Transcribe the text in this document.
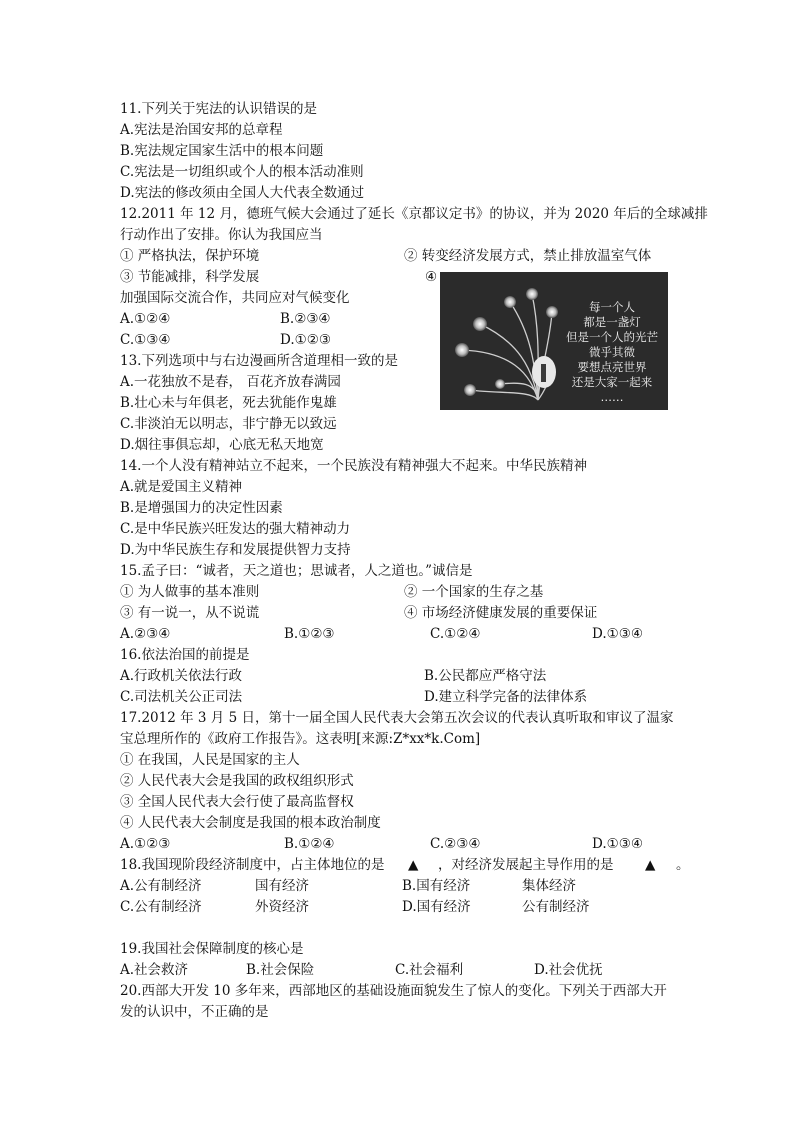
11.下列关于宪法的认识错误的是
A.宪法是治国安邦的总章程
B.宪法规定国家生活中的根本问题
C.宪法是一切组织或个人的根本活动准则
D.宪法的修改须由全国人大代表全数通过
12.2011 年 12 月，德班气候大会通过了延长《京都议定书》的协议，并为 2020 年后的全球减排
行动作出了安排。你认为我国应当
① 严格执法，保护环境	② 转变经济发展方式，禁止排放温室气体
③ 节能减排，科学发展	④
加强国际交流合作，共同应对气候变化
A.①②④	B.②③④
C.①③④	D.①②③
每一个人
都是一盏灯
但是一个人的光芒
微乎其微
要想点亮世界
还是大家一起来
……
13.下列选项中与右边漫画所含道理相一致的是
A.一花独放不是春， 百花齐放春满园
B.壮心未与年俱老，死去犹能作鬼雄
C.非淡泊无以明志，非宁静无以致远
D.烟往事俱忘却，心底无私天地宽
14.一个人没有精神站立不起来，一个民族没有精神强大不起来。中华民族精神
A.就是爱国主义精神
B.是增强国力的决定性因素
C.是中华民族兴旺发达的强大精神动力
D.为中华民族生存和发展提供智力支持
15.孟子曰：“诚者，天之道也；思诚者，人之道也。”诚信是
① 为人做事的基本准则	② 一个国家的生存之基
③ 有一说一，从不说谎	④ 市场经济健康发展的重要保证
A.②③④	B.①②③	C.①②④	D.①③④
16.依法治国的前提是
A.行政机关依法行政	B.公民都应严格守法
C.司法机关公正司法	D.建立科学完备的法律体系
17.2012 年 3 月 5 日，第十一届全国人民代表大会第五次会议的代表认真听取和审议了温家
宝总理所作的《政府工作报告》。这表明[来源:Z*xx*k.Com]
① 在我国，人民是国家的主人
② 人民代表大会是我国的政权组织形式
③ 全国人民代表大会行使了最高监督权
④ 人民代表大会制度是我国的根本政治制度
A.①②③	B.①②④	C.②③④	D.①③④
18.我国现阶段经济制度中，占主体地位的是 ▲ ，对经济发展起主导作用的是 ▲ 。
A.公有制经济	国有经济	B.国有经济	集体经济
C.公有制经济	外资经济	D.国有经济	公有制经济
19.我国社会保障制度的核心是
A.社会救济	B.社会保险	C.社会福利	D.社会优抚
20.西部大开发 10 多年来，西部地区的基础设施面貌发生了惊人的变化。下列关于西部大开
发的认识中，不正确的是
